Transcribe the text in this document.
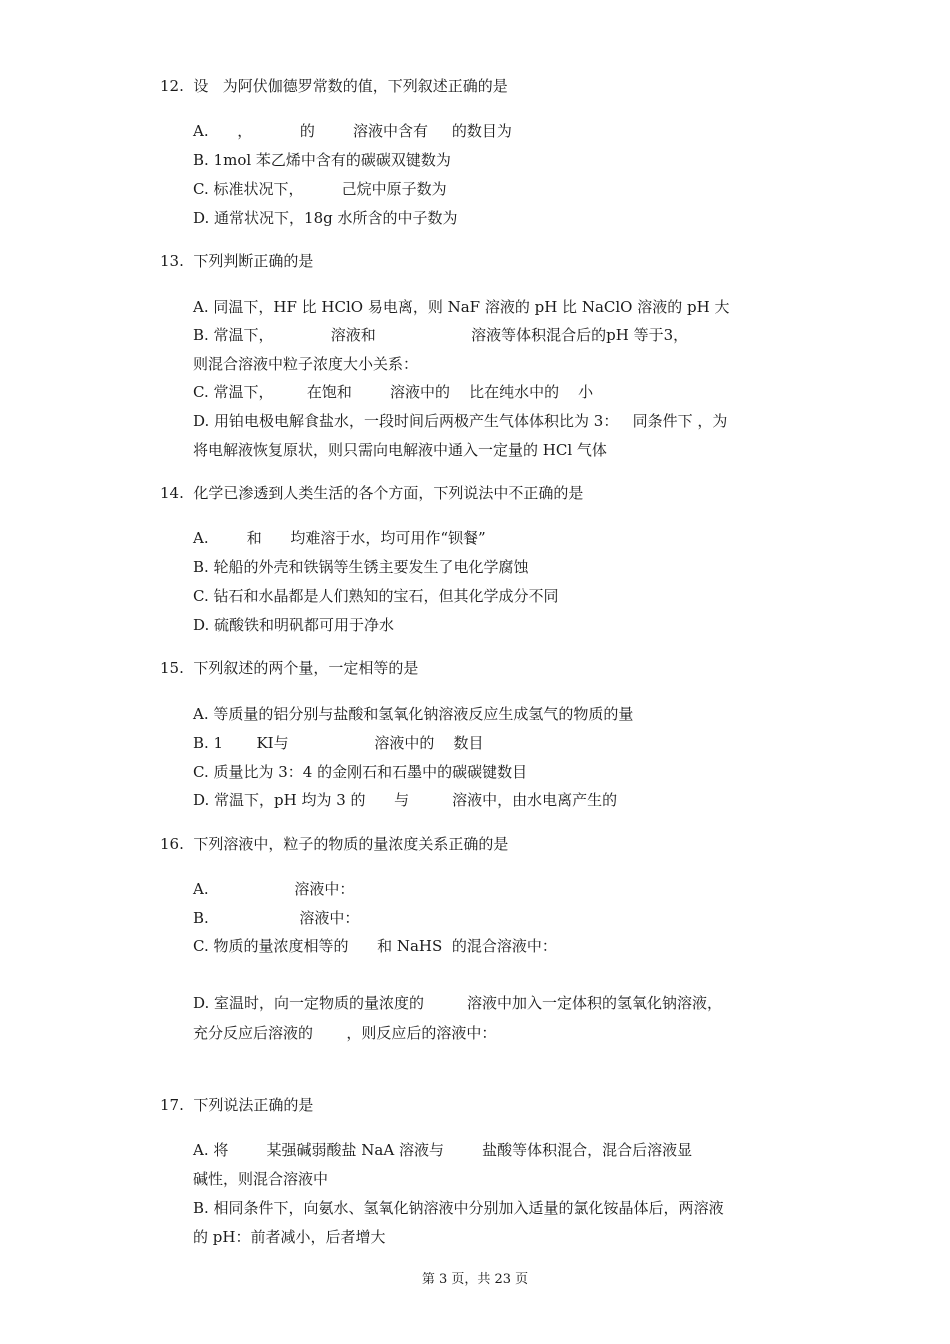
12.  设   为阿伏伽德罗常数的值，下列叙述正确的是

A.      ，          的        溶液中含有     的数目为

B. 1mol 苯乙烯中含有的碳碳双键数为

C. 标准状况下，        己烷中原子数为

D. 通常状况下，18g 水所含的中子数为

13.  下列判断正确的是

A. 同温下，HF 比 HClO 易电离，则 NaF 溶液的 pH 比 NaClO 溶液的 pH 大

B. 常温下，            溶液和                    溶液等体积混合后的pH 等于3，

则混合溶液中粒子浓度大小关系：

C. 常温下，       在饱和        溶液中的    比在纯水中的    小

D. 用铂电极电解食盐水，一段时间后两极产生气体体积比为 3：   同条件下 ，为

将电解液恢复原状，则只需向电解液中通入一定量的 HCl 气体

14.  化学已渗透到人类生活的各个方面，下列说法中不正确的是

A.        和      均难溶于水，均可用作“钡餐”

B. 轮船的外壳和铁锅等生锈主要发生了电化学腐蚀

C. 钻石和水晶都是人们熟知的宝石，但其化学成分不同

D. 硫酸铁和明矾都可用于净水

15.  下列叙述的两个量，一定相等的是

A. 等质量的铝分别与盐酸和氢氧化钠溶液反应生成氢气的物质的量

B. 1       KI与                  溶液中的    数目

C. 质量比为 3：4 的金刚石和石墨中的碳碳键数目

D. 常温下，pH 均为 3 的      与         溶液中，由水电离产生的

16.  下列溶液中，粒子的物质的量浓度关系正确的是

A.                  溶液中：

B.                   溶液中：

C. 物质的量浓度相等的      和 NaHS  的混合溶液中：

D. 室温时，向一定物质的量浓度的         溶液中加入一定体积的氢氧化钠溶液，

充分反应后溶液的       ，则反应后的溶液中：

17.  下列说法正确的是

A. 将        某强碱弱酸盐 NaA 溶液与        盐酸等体积混合，混合后溶液显

碱性，则混合溶液中

B. 相同条件下，向氨水、氢氧化钠溶液中分别加入适量的氯化铵晶体后，两溶液

的 pH：前者减小，后者增大

第 3 页，共 23 页
